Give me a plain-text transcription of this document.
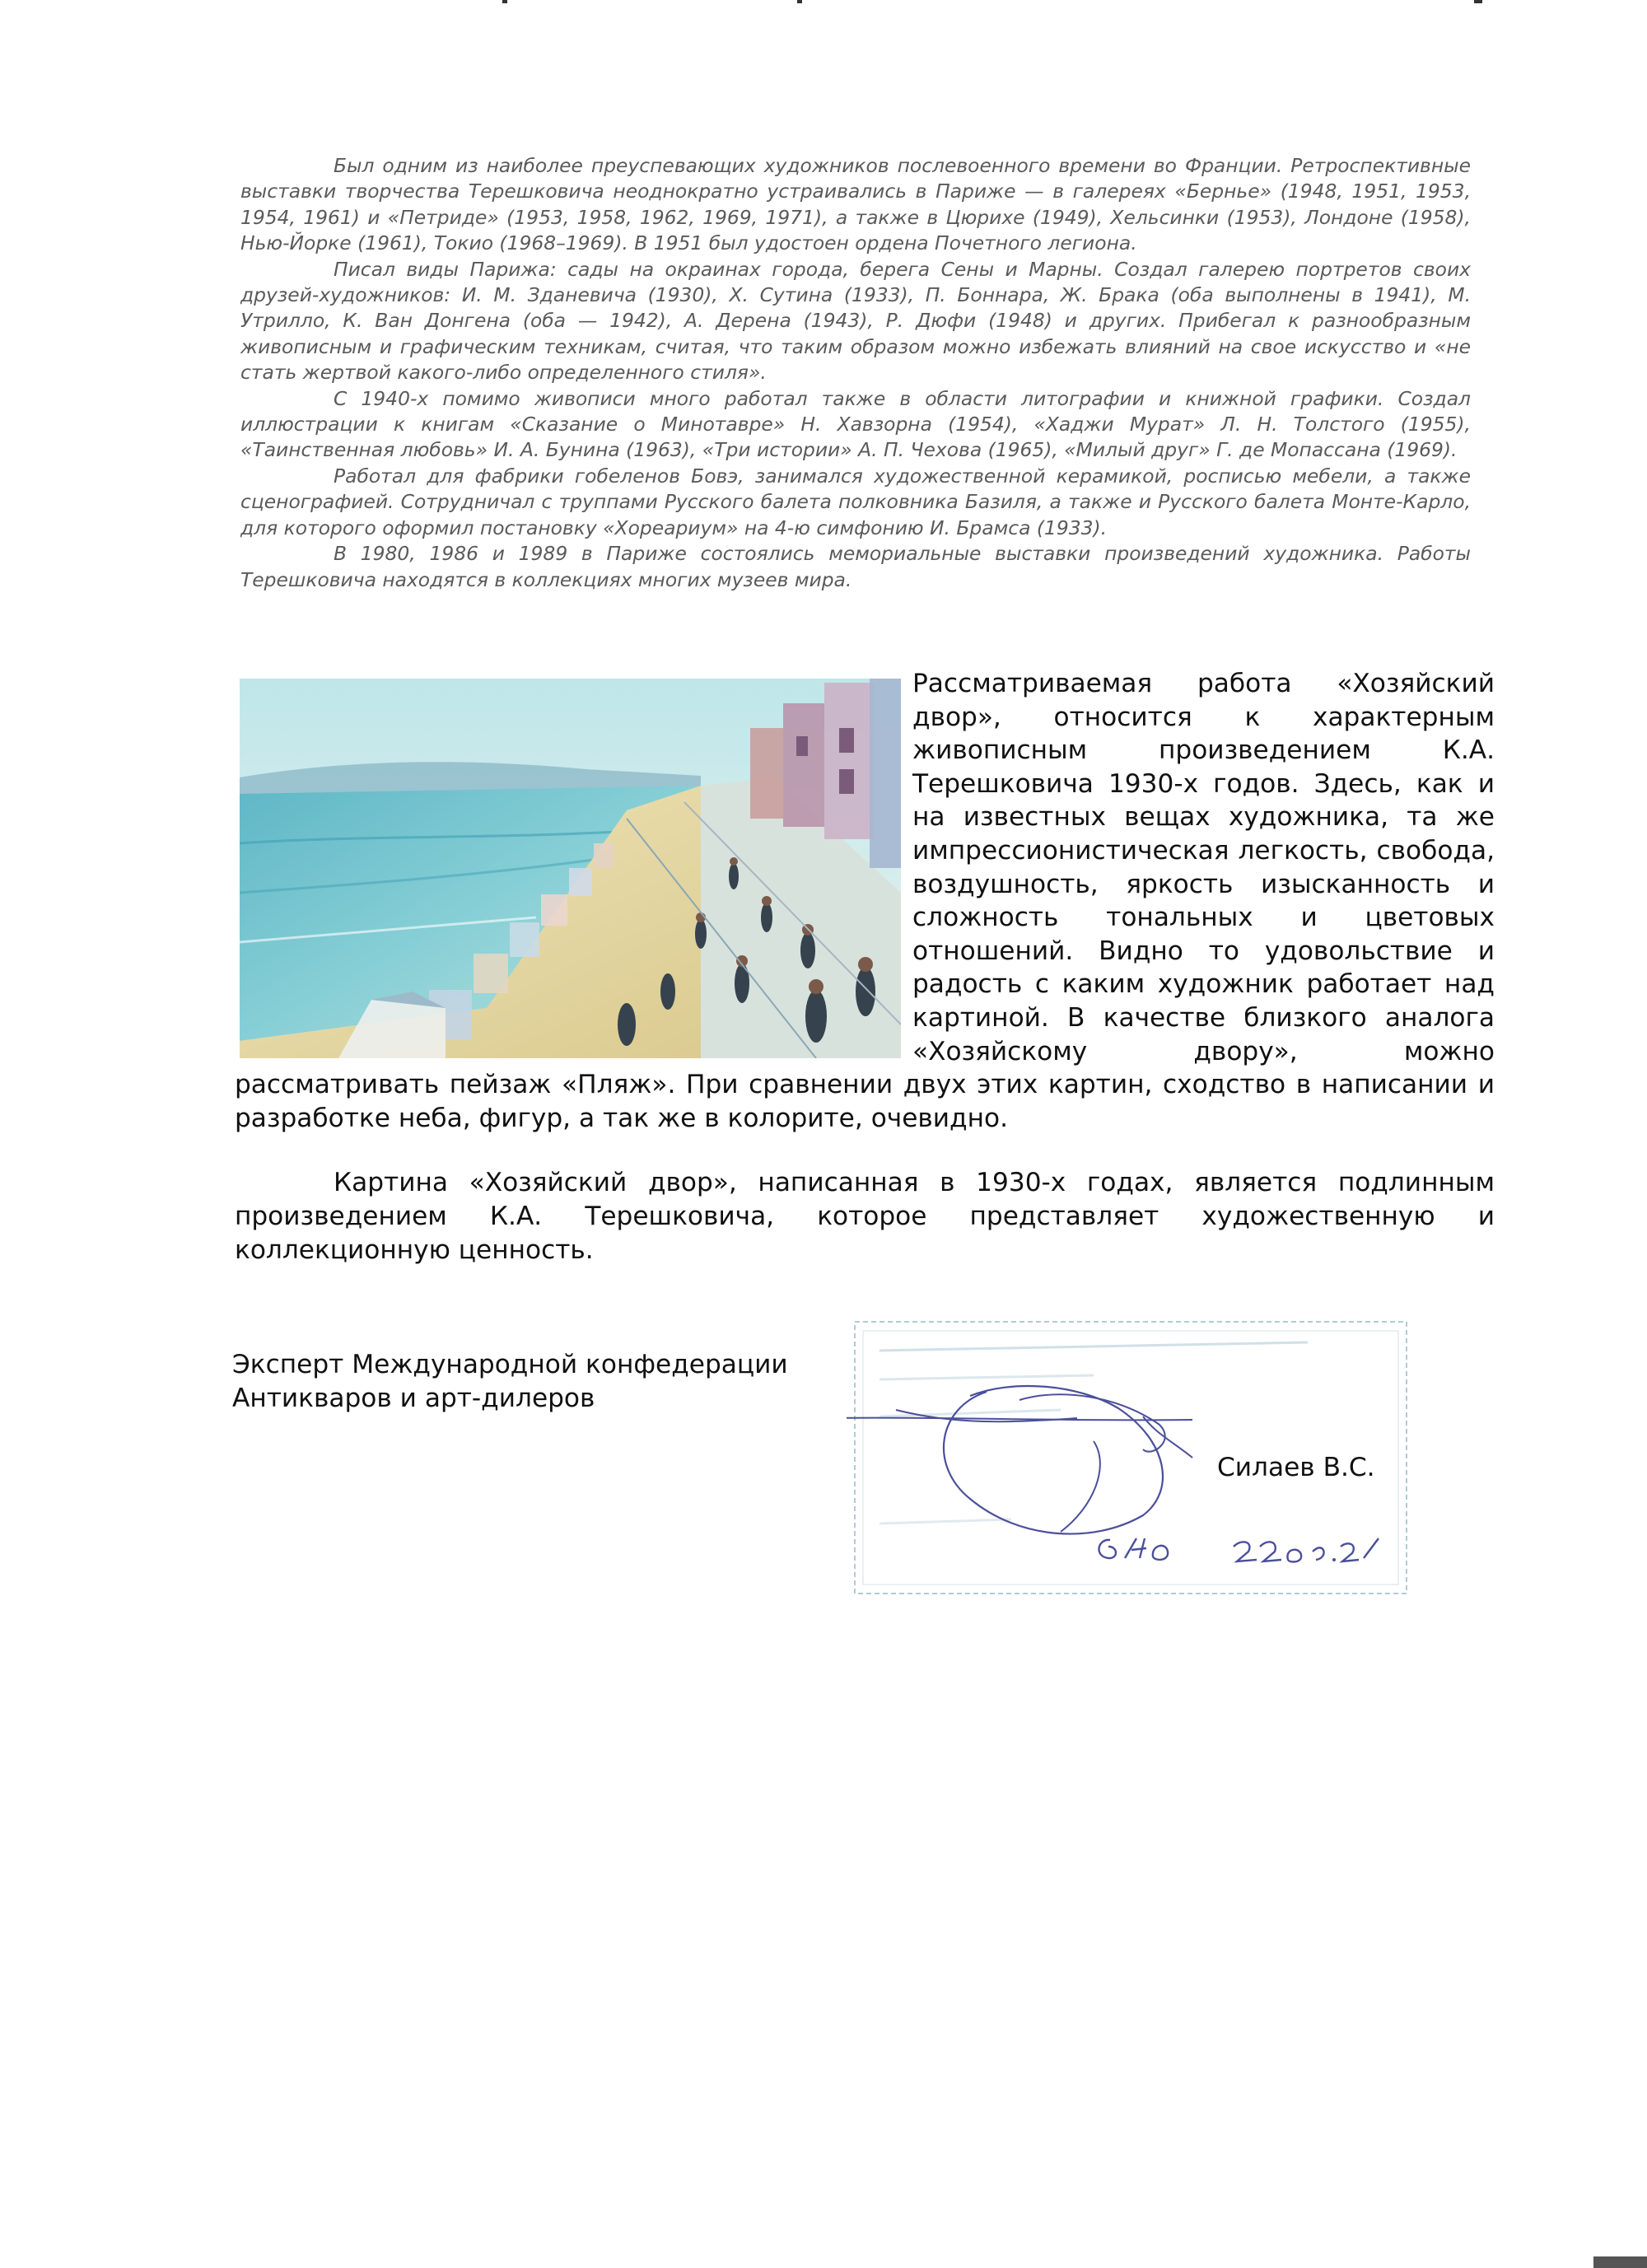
Был одним из наиболее преуспевающих художников послевоенного времени во Франции. Ретроспективные выставки творчества Терешковича неоднократно устраивались в Париже — в галереях «Бернье» (1948, 1951, 1953, 1954, 1961) и «Петриде» (1953, 1958, 1962, 1969, 1971), а также в Цюрихе (1949), Хельсинки (1953), Лондоне (1958), Нью-Йорке (1961), Токио (1968–1969). В 1951 был удостоен ордена Почетного легиона.

Писал виды Парижа: сады на окраинах города, берега Сены и Марны. Создал галерею портретов своих друзей-художников: И. М. Зданевича (1930), Х. Сутина (1933), П. Боннара, Ж. Брака (оба выполнены в 1941), М. Утрилло, К. Ван Донгена (оба — 1942), А. Дерена (1943), Р. Дюфи (1948) и других. Прибегал к разнообразным живописным и графическим техникам, считая, что таким образом можно избежать влияний на свое искусство и «не стать жертвой какого-либо определенного стиля».

С 1940-х помимо живописи много работал также в области литографии и книжной графики. Создал иллюстрации к книгам «Сказание о Минотавре» Н. Хавзорна (1954), «Хаджи Мурат» Л. Н. Толстого (1955), «Таинственная любовь» И. А. Бунина (1963), «Три истории» А. П. Чехова (1965), «Милый друг» Г. де Мопассана (1969).

Работал для фабрики гобеленов Бовэ, занимался художественной керамикой, росписью мебели, а также сценографией. Сотрудничал с труппами Русского балета полковника Базиля, а также и Русского балета Монте-Карло, для которого оформил постановку «Хореариум» на 4-ю симфонию И. Брамса (1933).

В 1980, 1986 и 1989 в Париже состоялись мемориальные выставки произведений художника. Работы Терешковича находятся в коллекциях многих музеев мира.

Рассматриваемая работа «Хозяйский двор», относится к характерным живописным произведением К.А. Терешковича 1930-х годов. Здесь, как и на известных вещах художника, та же импрессионистическая легкость, свобода, воздушность, яркость изысканность и сложность тональных и цветовых отношений. Видно то удовольствие и радость с каким художник работает над картиной. В качестве близкого аналога «Хозяйскому двору», можно рассматривать пейзаж «Пляж». При сравнении двух этих картин, сходство в написании и разработке неба, фигур, а так же в колорите, очевидно.

Картина «Хозяйский двор», написанная в 1930-х годах, является подлинным произведением К.А. Терешковича, которое представляет художественную и коллекционную ценность.

Эксперт Международной конфедерации
Антикваров и арт-дилеров
Силаев В.С.
